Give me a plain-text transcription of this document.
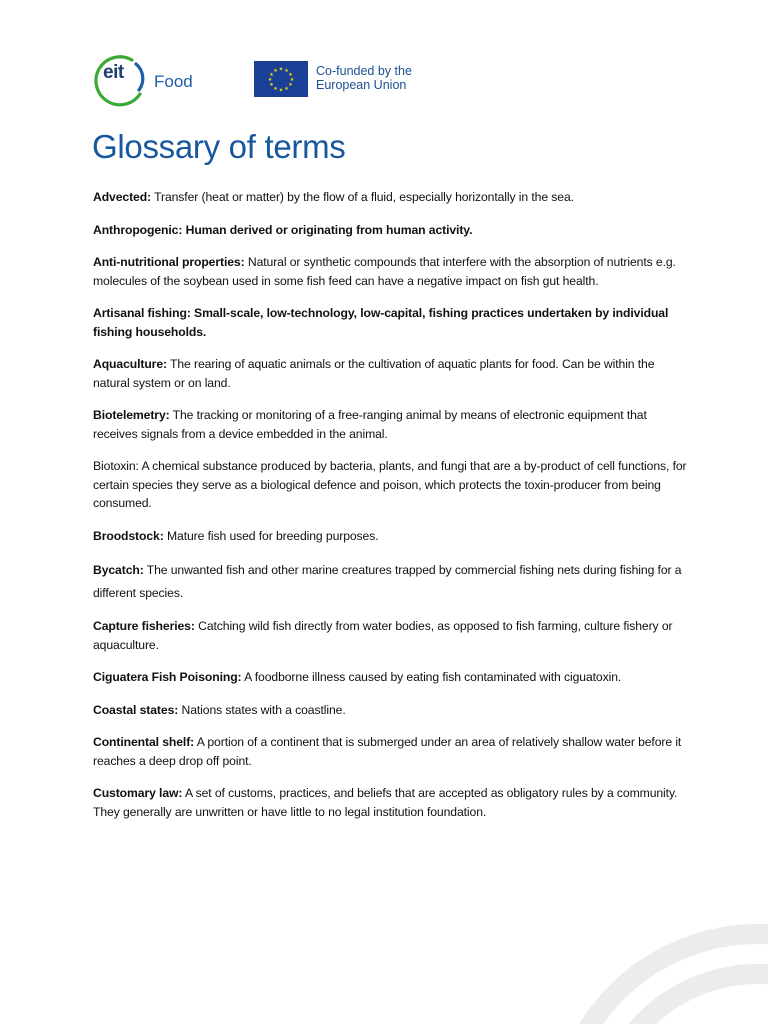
eit Food
★ ★
★
★
★
★
★
★
★
★
★
★	Co-funded by the
European Union
Glossary of terms
Advected: Transfer (heat or matter) by the flow of a fluid, especially horizontally in the sea.
Anthropogenic: Human derived or originating from human activity.
Anti-nutritional properties: Natural or synthetic compounds that interfere with the absorption of nutrients e.g. molecules of the soybean used in some fish feed can have a negative impact on fish gut health.
Artisanal fishing: Small-scale, low-technology, low-capital, fishing practices undertaken by individual fishing households.
Aquaculture: The rearing of aquatic animals or the cultivation of aquatic plants for food. Can be within the natural system or on land.
Biotelemetry: The tracking or monitoring of a free-ranging animal by means of electronic equipment that receives signals from a device embedded in the animal.
Biotoxin: A chemical substance produced by bacteria, plants, and fungi that are a by-product of cell functions, for certain species they serve as a biological defence and poison, which protects the toxin-producer from being consumed.
Broodstock: Mature fish used for breeding purposes.
Bycatch: The unwanted fish and other marine creatures trapped by commercial fishing nets during fishing for a different species.
Capture fisheries: Catching wild fish directly from water bodies, as opposed to fish farming, culture fishery or aquaculture.
Ciguatera Fish Poisoning: A foodborne illness caused by eating fish contaminated with ciguatoxin.
Coastal states: Nations states with a coastline.
Continental shelf: A portion of a continent that is submerged under an area of relatively shallow water before it reaches a deep drop off point.
Customary law: A set of customs, practices, and beliefs that are accepted as obligatory rules by a community. They generally are unwritten or have little to no legal institution foundation.
